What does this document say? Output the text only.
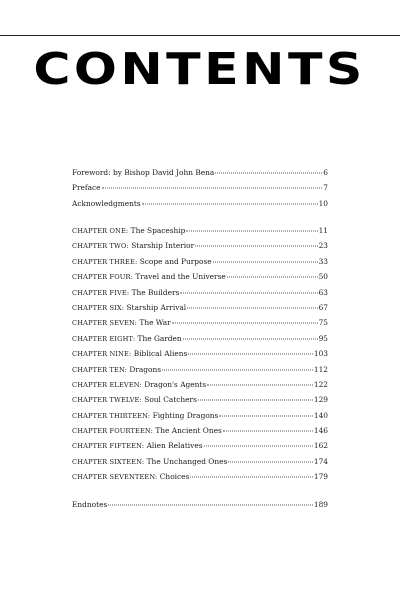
CONTENTS
Foreword: by Bishop David John Bena	6
Preface	7
Acknowledgments	10
CHAPTER ONE: The Spaceship	11
CHAPTER TWO: Starship Interior	23
CHAPTER THREE: Scope and Purpose	33
CHAPTER FOUR: Travel and the Universe	50
CHAPTER FIVE: The Builders	63
CHAPTER SIX: Starship Arrival	67
CHAPTER SEVEN: The War	75
CHAPTER EIGHT: The Garden	95
CHAPTER NINE: Biblical Aliens	103
CHAPTER TEN: Dragons	112
CHAPTER ELEVEN: Dragon's Agents	122
CHAPTER TWELVE: Soul Catchers	129
CHAPTER THIRTEEN: Fighting Dragons	140
CHAPTER FOURTEEN: The Ancient Ones	146
CHAPTER FIFTEEN: Alien Relatives	162
CHAPTER SIXTEEN: The Unchanged Ones	174
CHAPTER SEVENTEEN: Choices	179
Endnotes	189
